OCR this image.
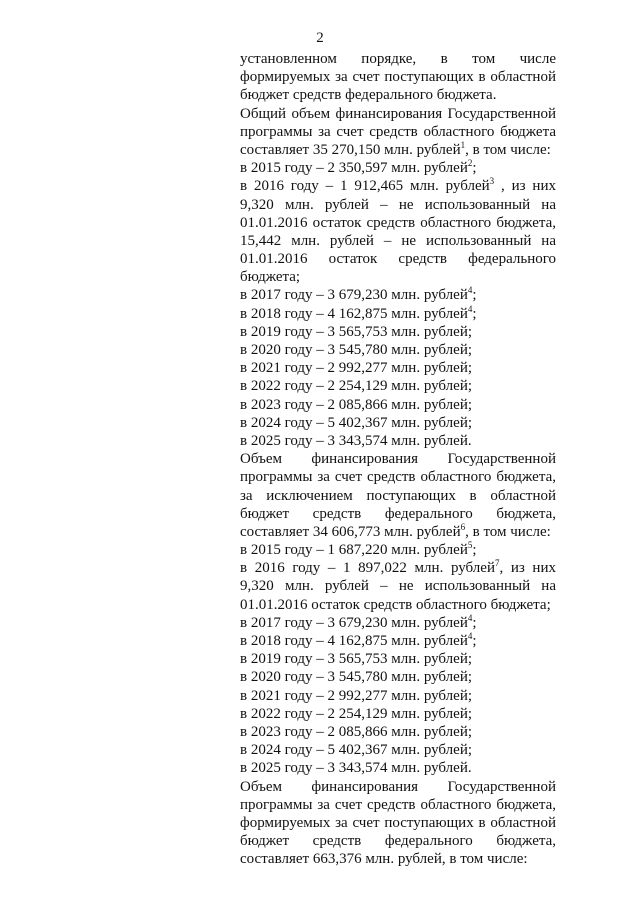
2
установленном порядке, в том числе
формируемых за счет поступающих в областной
бюджет средств федерального бюджета.
Общий объем финансирования Государственной
программы за счет средств областного бюджета
составляет 35 270,150 млн. рублей$^1$, в том числе:
в 2015 году – 2 350,597 млн. рублей$^2$;
в 2016 году – 1 912,465 млн. рублей$^3$ , из них
9,320 млн. рублей – не использованный на
01.01.2016 остаток средств областного бюджета,
15,442 млн. рублей – не использованный на
01.01.2016 остаток средств федерального
бюджета;
в 2017 году – 3 679,230 млн. рублей$^4$;
в 2018 году – 4 162,875 млн. рублей$^4$;
в 2019 году – 3 565,753 млн. рублей;
в 2020 году – 3 545,780 млн. рублей;
в 2021 году – 2 992,277 млн. рублей;
в 2022 году – 2 254,129 млн. рублей;
в 2023 году – 2 085,866 млн. рублей;
в 2024 году – 5 402,367 млн. рублей;
в 2025 году – 3 343,574 млн. рублей.
Объем финансирования Государственной
программы за счет средств областного бюджета,
за исключением поступающих в областной
бюджет средств федерального бюджета,
составляет 34 606,773 млн. рублей$^6$, в том числе:
в 2015 году – 1 687,220 млн. рублей$^5$;
в 2016 году – 1 897,022 млн. рублей$^7$, из них
9,320 млн. рублей – не использованный на
01.01.2016 остаток средств областного бюджета;
в 2017 году – 3 679,230 млн. рублей$^4$;
в 2018 году – 4 162,875 млн. рублей$^4$;
в 2019 году – 3 565,753 млн. рублей;
в 2020 году – 3 545,780 млн. рублей;
в 2021 году – 2 992,277 млн. рублей;
в 2022 году – 2 254,129 млн. рублей;
в 2023 году – 2 085,866 млн. рублей;
в 2024 году – 5 402,367 млн. рублей;
в 2025 году – 3 343,574 млн. рублей.
Объем финансирования Государственной
программы за счет средств областного бюджета,
формируемых за счет поступающих в областной
бюджет средств федерального бюджета,
составляет 663,376 млн. рублей, в том числе:
